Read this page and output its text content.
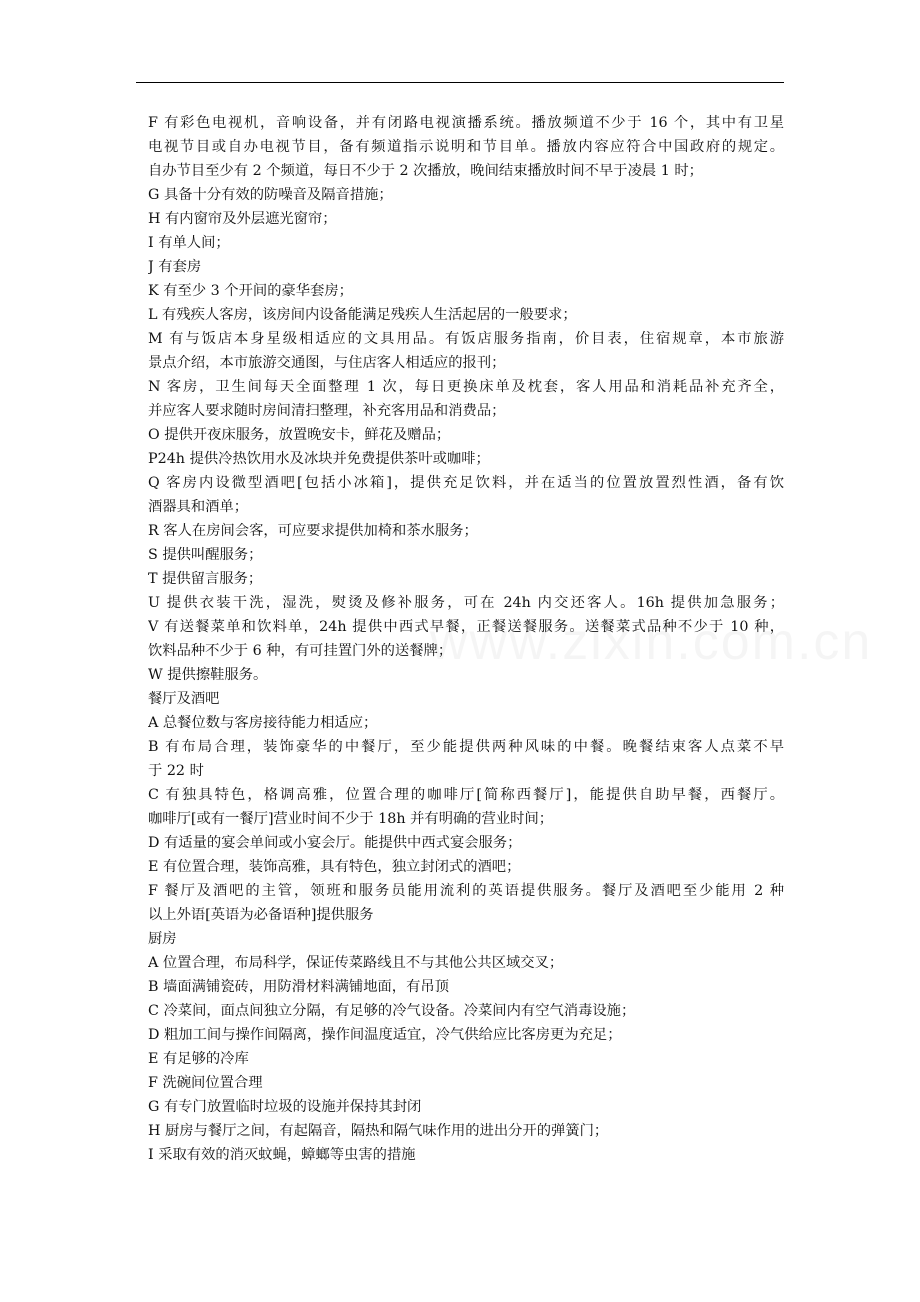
F 有彩色电视机，音响设备，并有闭路电视演播系统。播放频道不少于 16 个，其中有卫星
电视节目或自办电视节目，备有频道指示说明和节目单。播放内容应符合中国政府的规定。
自办节目至少有 2 个频道，每日不少于 2 次播放，晚间结束播放时间不早于凌晨 1 时；
G 具备十分有效的防噪音及隔音措施；
H 有内窗帘及外层遮光窗帘；
I 有单人间；
J 有套房
K 有至少 3 个开间的豪华套房；
L 有残疾人客房，该房间内设备能满足残疾人生活起居的一般要求；
M 有与饭店本身星级相适应的文具用品。有饭店服务指南，价目表，住宿规章，本市旅游
景点介绍，本市旅游交通图，与住店客人相适应的报刊；
N 客房，卫生间每天全面整理 1 次，每日更换床单及枕套，客人用品和消耗品补充齐全，
并应客人要求随时房间清扫整理，补充客用品和消费品；
O 提供开夜床服务，放置晚安卡，鲜花及赠品；
P24h 提供冷热饮用水及冰块并免费提供茶叶或咖啡；
Q 客房内设微型酒吧[包括小冰箱]，提供充足饮料，并在适当的位置放置烈性酒，备有饮
酒器具和酒单；
R 客人在房间会客，可应要求提供加椅和茶水服务；
S 提供叫醒服务；
T 提供留言服务；
U 提供衣装干洗，湿洗，熨烫及修补服务，可在 24h 内交还客人。16h 提供加急服务；
V 有送餐菜单和饮料单，24h 提供中西式早餐，正餐送餐服务。送餐菜式品种不少于 10 种，
饮料品种不少于 6 种，有可挂置门外的送餐牌；
W 提供擦鞋服务。
餐厅及酒吧
A 总餐位数与客房接待能力相适应；
B 有布局合理，装饰豪华的中餐厅，至少能提供两种风味的中餐。晚餐结束客人点菜不早
于 22 时
C 有独具特色，格调高雅，位置合理的咖啡厅[简称西餐厅]，能提供自助早餐，西餐厅。
咖啡厅[或有一餐厅]营业时间不少于 18h 并有明确的营业时间；
D 有适量的宴会单间或小宴会厅。能提供中西式宴会服务；
E 有位置合理，装饰高雅，具有特色，独立封闭式的酒吧；
F 餐厅及酒吧的主管，领班和服务员能用流利的英语提供服务。餐厅及酒吧至少能用 2 种
以上外语[英语为必备语种]提供服务
厨房
A 位置合理，布局科学，保证传菜路线且不与其他公共区域交叉；
B 墙面满铺瓷砖，用防滑材料满铺地面，有吊顶
C 冷菜间，面点间独立分隔，有足够的冷气设备。冷菜间内有空气消毒设施；
D 粗加工间与操作间隔离，操作间温度适宜，冷气供给应比客房更为充足；
E 有足够的冷库
F 洗碗间位置合理
G 有专门放置临时垃圾的设施并保持其封闭
H 厨房与餐厅之间，有起隔音，隔热和隔气味作用的进出分开的弹簧门；
I 采取有效的消灭蚊蝇，蟑螂等虫害的措施
